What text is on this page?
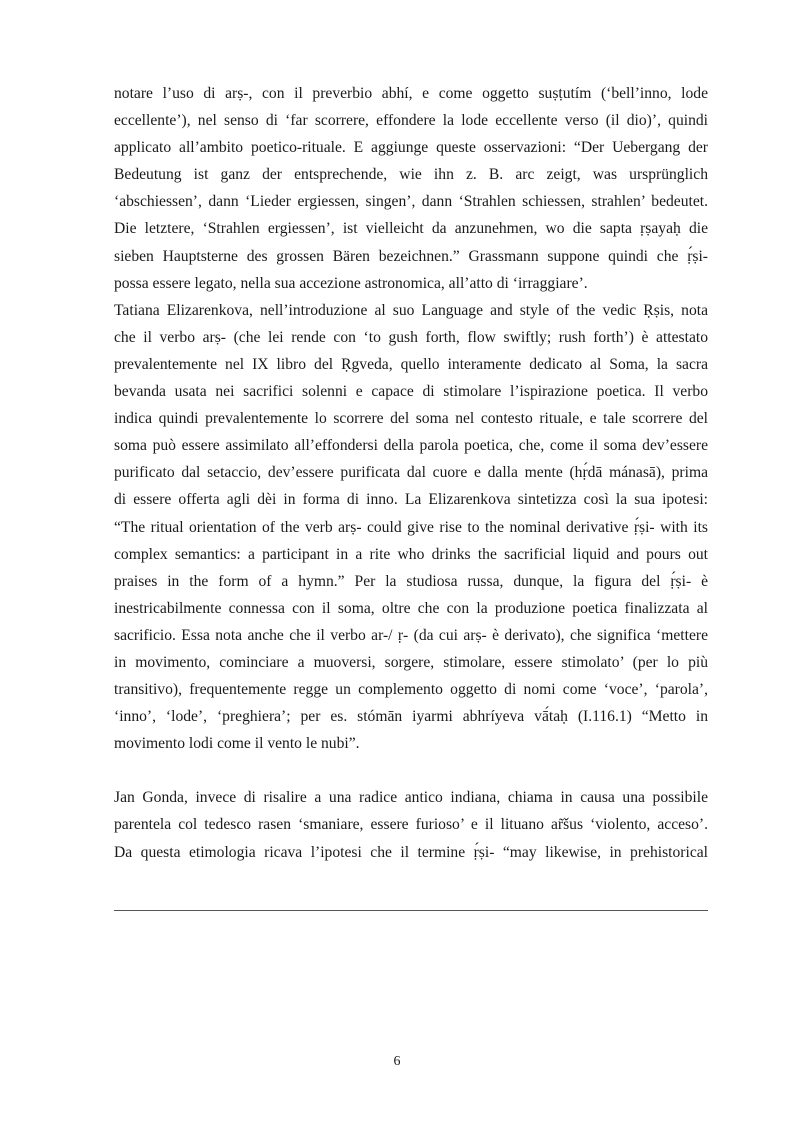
notare l’uso di arṣ-, con il preverbio abhí, e come oggetto suṣṭutím (‘bell’inno, lode
eccellente’), nel senso di ‘far scorrere, effondere la lode eccellente verso (il dio)’, quindi
applicato all’ambito poetico-rituale. E aggiunge queste osservazioni: “Der Uebergang der
Bedeutung ist ganz der entsprechende, wie ihn z. B. arc zeigt, was ursprünglich
‘abschiessen’, dann ‘Lieder ergiessen, singen’, dann ‘Strahlen schiessen, strahlen’ bedeutet.
Die letztere, ‘Strahlen ergiessen’, ist vielleicht da anzunehmen, wo die sapta ṛṣayaḥ die
sieben Hauptsterne des grossen Bären bezeichnen.” Grassmann suppone quindi che ṛ́ṣi-
possa essere legato, nella sua accezione astronomica, all’atto di ‘irraggiare’.
Tatiana Elizarenkova, nell’introduzione al suo Language and style of the vedic Ṛṣis, nota
che il verbo arṣ- (che lei rende con ‘to gush forth, flow swiftly; rush forth’) è attestato
prevalentemente nel IX libro del Ṛgveda, quello interamente dedicato al Soma, la sacra
bevanda usata nei sacrifici solenni e capace di stimolare l’ispirazione poetica. Il verbo
indica quindi prevalentemente lo scorrere del soma nel contesto rituale, e tale scorrere del
soma può essere assimilato all’effondersi della parola poetica, che, come il soma dev’essere
purificato dal setaccio, dev’essere purificata dal cuore e dalla mente (hṛ́dā mánasā), prima
di essere offerta agli dèi in forma di inno. La Elizarenkova sintetizza così la sua ipotesi:
“The ritual orientation of the verb arṣ- could give rise to the nominal derivative ṛ́ṣi- with its
complex semantics: a participant in a rite who drinks the sacrificial liquid and pours out
praises in the form of a hymn.” Per la studiosa russa, dunque, la figura del ṛ́ṣi- è
inestricabilmente connessa con il soma, oltre che con la produzione poetica finalizzata al
sacrificio. Essa nota anche che il verbo ar-/ ṛ- (da cui arṣ- è derivato), che significa ‘mettere
in movimento, cominciare a muoversi, sorgere, stimolare, essere stimolato’ (per lo più
transitivo), frequentemente regge un complemento oggetto di nomi come ‘voce’, ‘parola’,
‘inno’, ‘lode’, ‘preghiera’; per es. stómān iyarmi abhríyeva vā́taḥ (I.116.1) “Metto in
movimento lodi come il vento le nubi”.
Jan Gonda, invece di risalire a una radice antico indiana, chiama in causa una possibile
parentela col tedesco rasen ‘smaniare, essere furioso’ e il lituano ar̃šus ‘violento, acceso’.
Da questa etimologia ricava l’ipotesi che il termine ṛ́ṣi- “may likewise, in prehistorical
6
